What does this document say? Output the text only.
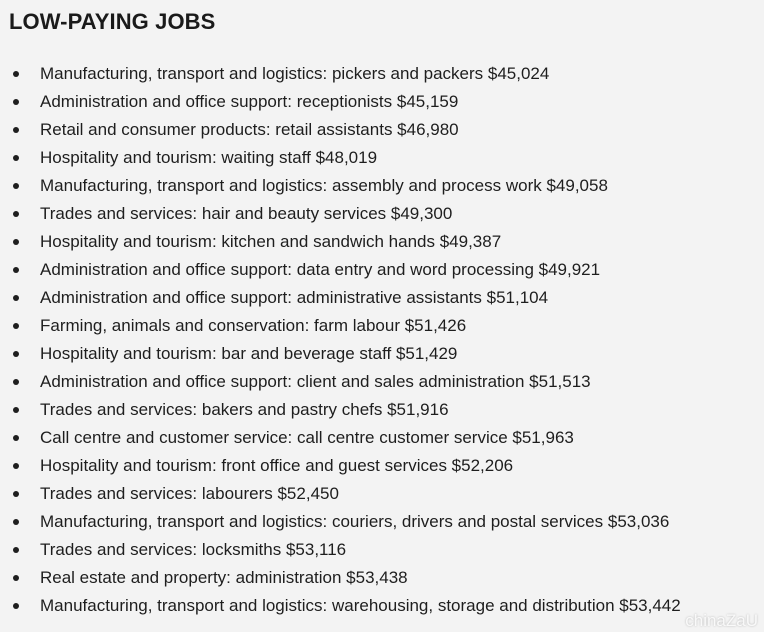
LOW-PAYING JOBS
Manufacturing, transport and logistics: pickers and packers $45,024
Administration and office support: receptionists $45,159
Retail and consumer products: retail assistants $46,980
Hospitality and tourism: waiting staff $48,019
Manufacturing, transport and logistics: assembly and process work $49,058
Trades and services: hair and beauty services $49,300
Hospitality and tourism: kitchen and sandwich hands $49,387
Administration and office support: data entry and word processing $49,921
Administration and office support: administrative assistants $51,104
Farming, animals and conservation: farm labour $51,426
Hospitality and tourism: bar and beverage staff $51,429
Administration and office support: client and sales administration $51,513
Trades and services: bakers and pastry chefs $51,916
Call centre and customer service: call centre customer service $51,963
Hospitality and tourism: front office and guest services $52,206
Trades and services: labourers $52,450
Manufacturing, transport and logistics: couriers, drivers and postal services $53,036
Trades and services: locksmiths $53,116
Real estate and property: administration $53,438
Manufacturing, transport and logistics: warehousing, storage and distribution $53,442
chinaZaU
